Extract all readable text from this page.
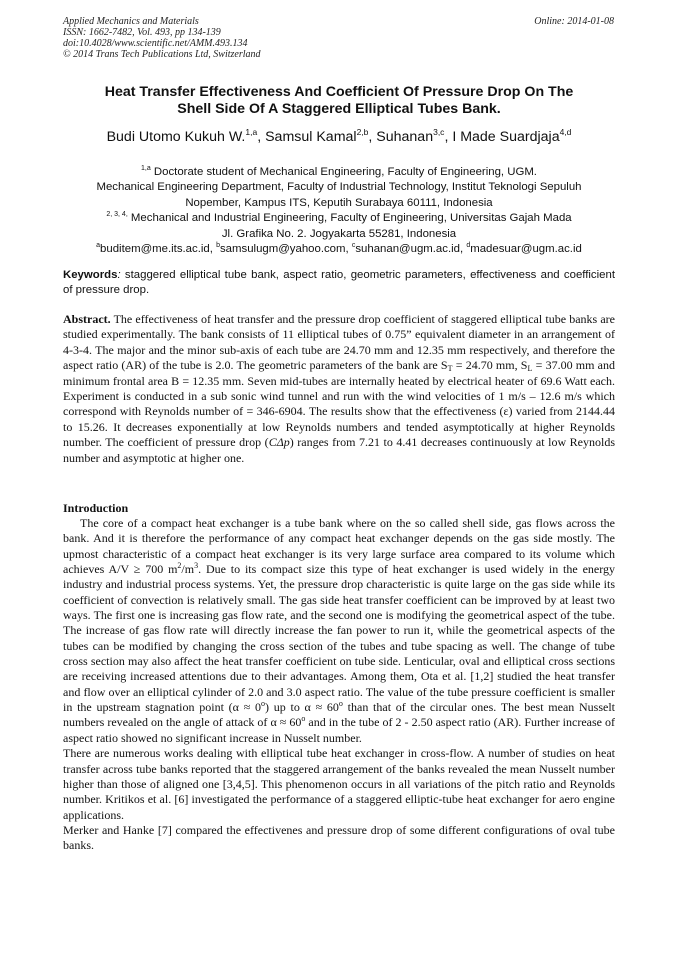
Applied Mechanics and Materials
ISSN: 1662-7482, Vol. 493, pp 134-139
doi:10.4028/www.scientific.net/AMM.493.134
© 2014 Trans Tech Publications Ltd, Switzerland
Online: 2014-01-08
Heat Transfer Effectiveness And Coefficient Of Pressure Drop On The
Shell Side Of A Staggered Elliptical Tubes Bank.
Budi Utomo Kukuh W.$^{1,a}$, Samsul Kamal$^{2,b}$, Suhanan$^{3,c}$, I Made Suardjaja$^{4,d}$
$^{1,a}$ Doctorate student of Mechanical Engineering, Faculty of Engineering, UGM.
Mechanical Engineering Department, Faculty of Industrial Technology, Institut Teknologi Sepuluh
Nopember, Kampus ITS, Keputih Surabaya 60111, Indonesia
$^{2, 3, 4,}$ Mechanical and Industrial Engineering, Faculty of Engineering, Universitas Gajah Mada
Jl. Grafika No. 2. Jogyakarta 55281, Indonesia
$^a$buditem@me.its.ac.id, $^b$samsulugm@yahoo.com, $^c$suhanan@ugm.ac.id, $^d$madesuar@ugm.ac.id
Keywords: staggered elliptical tube bank, aspect ratio, geometric parameters, effectiveness and coefficient of pressure drop.
Abstract. The effectiveness of heat transfer and the pressure drop coefficient of staggered elliptical tube banks are studied experimentally. The bank consists of 11 elliptical tubes of 0.75” equivalent diameter in an arrangement of 4-3-4. The major and the minor sub-axis of each tube are 24.70 mm and 12.35 mm respectively, and therefore the aspect ratio (AR) of the tube is 2.0. The geometric parameters of the bank are $S_T = 24.70$ mm, $S_L = 37.00$ mm and minimum frontal area B = 12.35 mm. Seven mid-tubes are internally heated by electrical heater of 69.6 Watt each. Experiment is conducted in a sub sonic wind tunnel and run with the wind velocities of 1 m/s – 12.6 m/s which correspond with Reynolds number of = 346-6904. The results show that the effectiveness (ε) varied from 2144.44 to 15.26. It decreases exponentially at low Reynolds numbers and tended asymptotically at higher Reynolds number. The coefficient of pressure drop (CΔp) ranges from 7.21 to 4.41 decreases continuously at low Reynolds number and asymptotic at higher one.
Introduction

The core of a compact heat exchanger is a tube bank where on the so called shell side, gas flows across the bank. And it is therefore the performance of any compact heat exchanger depends on the gas side mostly. The upmost characteristic of a compact heat exchanger is its very large surface area compared to its volume which achieves A/V ≥ 700 $m^2/m^3$. Due to its compact size this type of heat exchanger is used widely in the energy industry and industrial process systems. Yet, the pressure drop characteristic is quite large on the gas side while its coefficient of convection is relatively small. The gas side heat transfer coefficient can be improved by at least two ways. The first one is increasing gas flow rate, and the second one is modifying the geometrical aspect of the tube. The increase of gas flow rate will directly increase the fan power to run it, while the geometrical aspects of the tubes can be modified by changing the cross section of the tubes and tube spacing as well. The change of tube cross section may also affect the heat transfer coefficient on tube side. Lenticular, oval and elliptical cross sections are receiving increased attentions due to their advantages. Among them, Ota et al. [1,2] studied the heat transfer and flow over an elliptical cylinder of 2.0 and 3.0 aspect ratio. The value of the tube pressure coefficient is smaller in the upstream stagnation point $(\alpha \approx 0^o)$ up to $\alpha \approx 60^o$ than that of the circular ones. The best mean Nusselt numbers revealed on the angle of attack of $\alpha \approx 60^o$ and in the tube of 2 - 2.50 aspect ratio (AR). Further increase of aspect ratio showed no significant increase in Nusselt number.

There are numerous works dealing with elliptical tube heat exchanger in cross-flow. A number of studies on heat transfer across tube banks reported that the staggered arrangement of the banks revealed the mean Nusselt number higher than those of aligned one [3,4,5]. This phenomenon occurs in all variations of the pitch ratio and Reynolds number. Kritikos et al. [6] investigated the performance of a staggered elliptic-tube heat exchanger for aero engine applications.

Merker and Hanke [7] compared the effectivenes and pressure drop of some different configurations of oval tube banks.
